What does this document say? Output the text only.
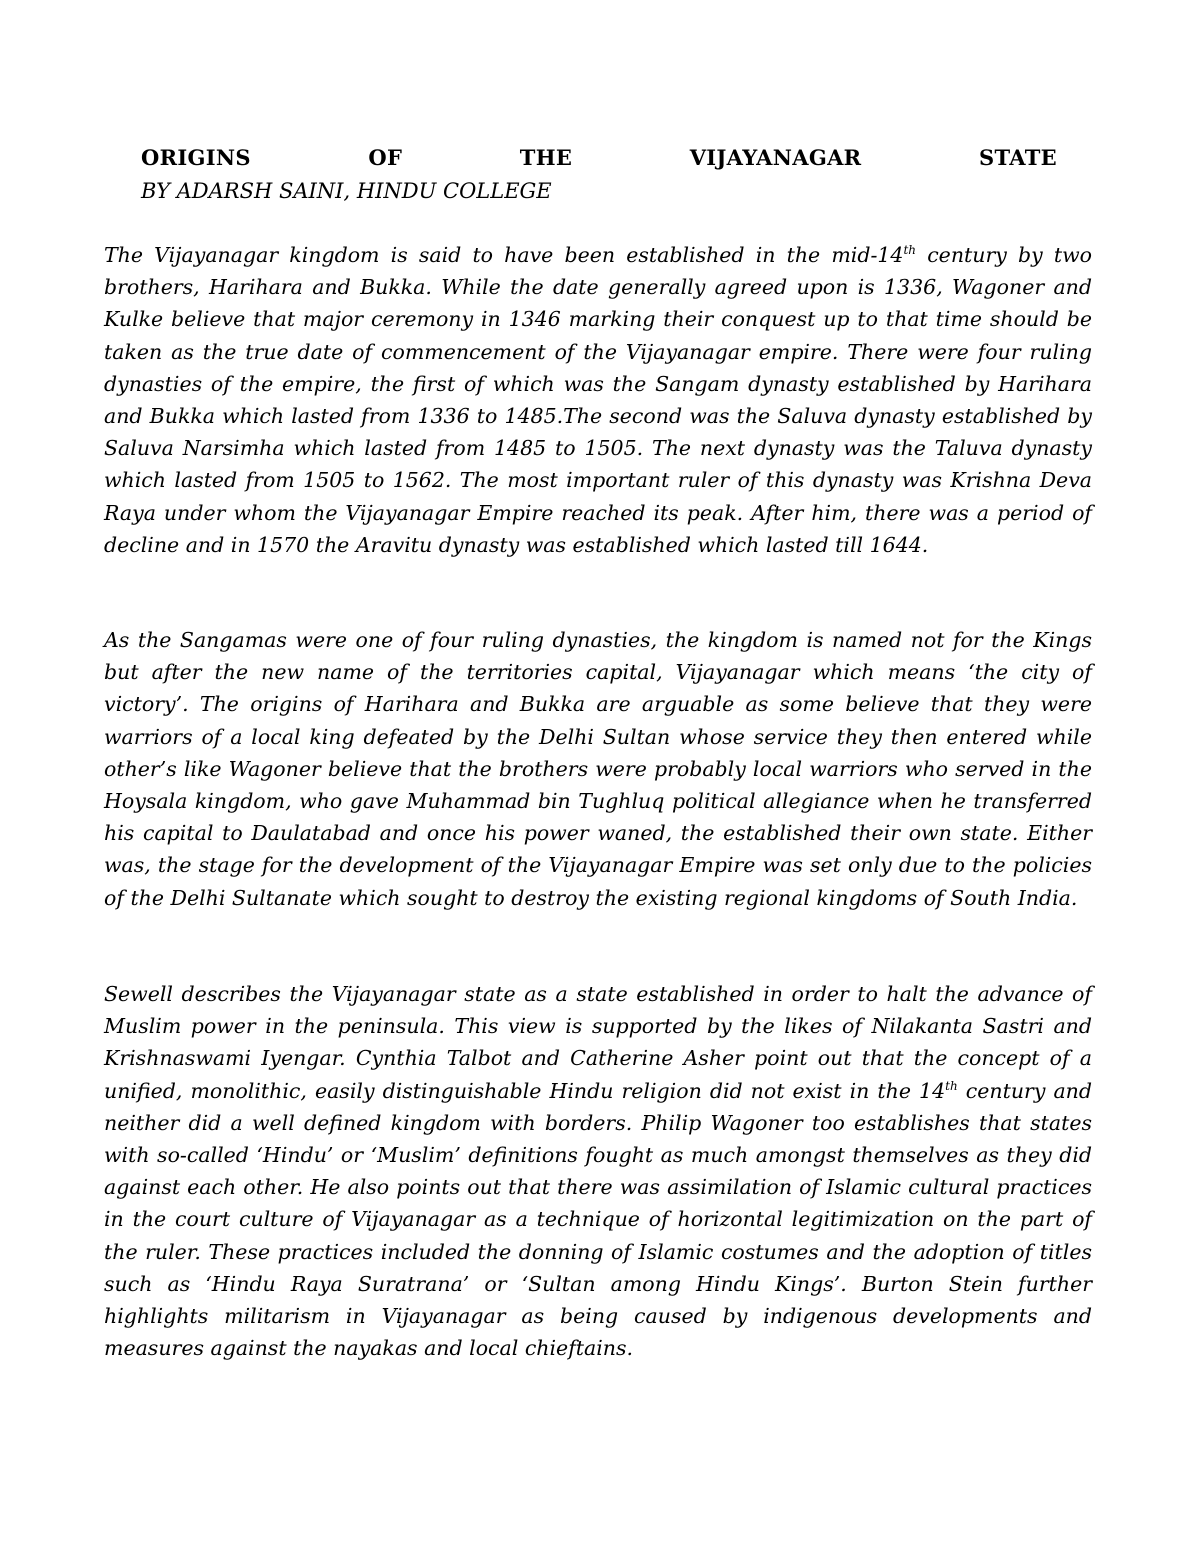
ORIGINS	OF	THE	VIJAYANAGAR	STATE
BY ADARSH SAINI, HINDU COLLEGE

The Vijayanagar kingdom is said to have been established in the mid-14th century by two brothers, Harihara and Bukka. While the date generally agreed upon is 1336, Wagoner and Kulke believe that major ceremony in 1346 marking their conquest up to that time should be taken as the true date of commencement of the Vijayanagar empire. There were four ruling dynasties of the empire, the first of which was the Sangam dynasty established by Harihara and Bukka which lasted from 1336 to 1485.The second was the Saluva dynasty established by Saluva Narsimha which lasted from 1485 to 1505. The next dynasty was the Taluva dynasty which lasted from 1505 to 1562. The most important ruler of this dynasty was Krishna Deva Raya under whom the Vijayanagar Empire reached its peak. After him, there was a period of decline and in 1570 the Aravitu dynasty was established which lasted till 1644.

As the Sangamas were one of four ruling dynasties, the kingdom is named not for the Kings but after the new name of the territories capital, Vijayanagar which means ‘the city of victory’. The origins of Harihara and Bukka are arguable as some believe that they were warriors of a local king defeated by the Delhi Sultan whose service they then entered while other’s like Wagoner believe that the brothers were probably local warriors who served in the Hoysala kingdom, who gave Muhammad bin Tughluq political allegiance when he transferred his capital to Daulatabad and once his power waned, the established their own state. Either was, the stage for the development of the Vijayanagar Empire was set only due to the policies of the Delhi Sultanate which sought to destroy the existing regional kingdoms of South India.

Sewell describes the Vijayanagar state as a state established in order to halt the advance of Muslim power in the peninsula. This view is supported by the likes of Nilakanta Sastri and Krishnaswami Iyengar. Cynthia Talbot and Catherine Asher point out that the concept of a unified, monolithic, easily distinguishable Hindu religion did not exist in the 14th century and neither did a well defined kingdom with borders. Philip Wagoner too establishes that states with so-called ‘Hindu’ or ‘Muslim’ definitions fought as much amongst themselves as they did against each other. He also points out that there was assimilation of Islamic cultural practices in the court culture of Vijayanagar as a technique of horizontal legitimization on the part of the ruler. These practices included the donning of Islamic costumes and the adoption of titles such as ‘Hindu Raya Suratrana’ or ‘Sultan among Hindu Kings’. Burton Stein further highlights militarism in Vijayanagar as being caused by indigenous developments and measures against the nayakas and local chieftains.
